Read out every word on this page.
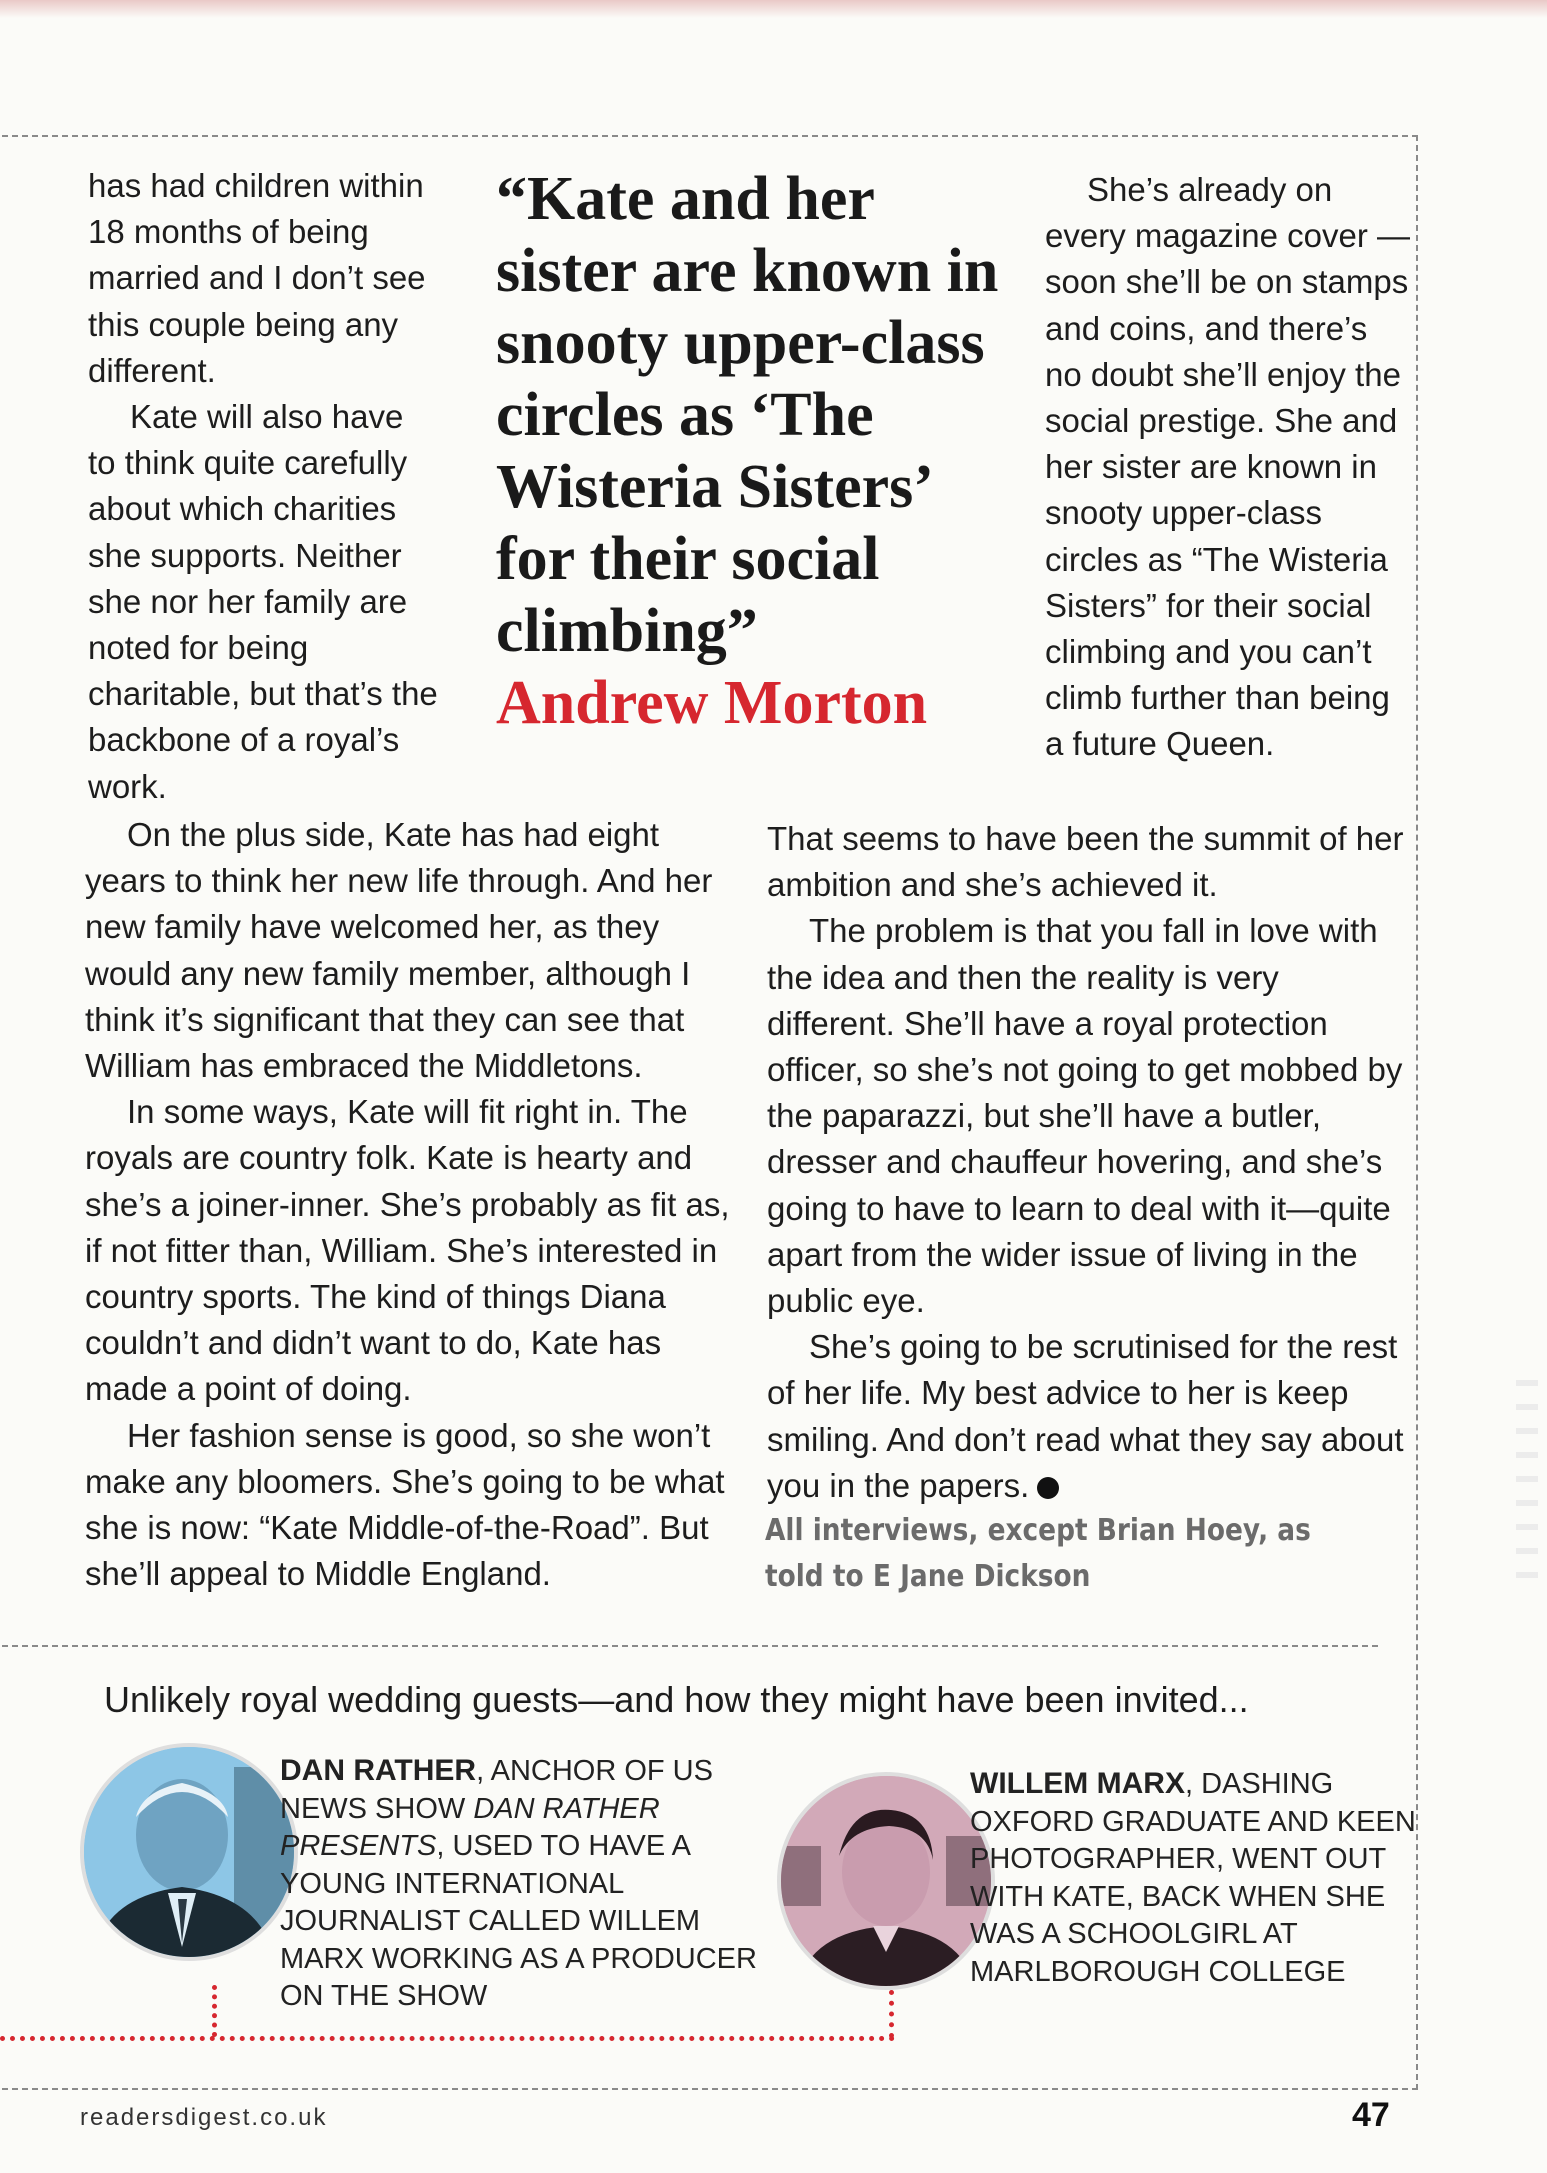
has had children within 18 months of being married and I don’t see this couple being any different.

Kate will also have to think quite carefully about which charities she supports. Neither she nor her family are noted for being charitable, but that’s the backbone of a royal’s work.

“Kate and her sister are known in snooty upper-class circles as ‘The Wisteria Sisters’ for their social climbing”
Andrew Morton

She’s already on every magazine cover —soon she’ll be on stamps and coins, and there’s no doubt she’ll enjoy the social prestige. She and her sister are known in snooty upper-class circles as “The Wisteria Sisters” for their social climbing and you can’t climb further than being a future Queen.

On the plus side, Kate has had eight years to think her new life through. And her new family have welcomed her, as they would any new family member, although I think it’s significant that they can see that William has embraced the Middletons.

In some ways, Kate will fit right in. The royals are country folk. Kate is hearty and she’s a joiner-inner. She’s probably as fit as, if not fitter than, William. She’s interested in country sports. The kind of things Diana couldn’t and didn’t want to do, Kate has made a point of doing.

Her fashion sense is good, so she won’t make any bloomers. She’s going to be what she is now: “Kate Middle-of-the-Road”. But she’ll appeal to Middle England.

That seems to have been the summit of her ambition and she’s achieved it.

The problem is that you fall in love with the idea and then the reality is very different. She’ll have a royal protection officer, so she’s not going to get mobbed by the paparazzi, but she’ll have a butler, dresser and chauffeur hovering, and she’s going to have to learn to deal with it—quite apart from the wider issue of living in the public eye.

She’s going to be scrutinised for the rest of her life. My best advice to her is keep smiling. And don’t read what they say about you in the papers.

All interviews, except Brian Hoey, as told to E Jane Dickson
Unlikely royal wedding guests—and how they might have been invited...
DAN RATHER, ANCHOR OF US NEWS SHOW DAN RATHER PRESENTS, USED TO HAVE A YOUNG INTERNATIONAL JOURNALIST CALLED WILLEM MARX WORKING AS A PRODUCER ON THE SHOW
WILLEM MARX, DASHING OXFORD GRADUATE AND KEEN PHOTOGRAPHER, WENT OUT WITH KATE, BACK WHEN SHE WAS A SCHOOLGIRL AT MARLBOROUGH COLLEGE
readersdigest.co.uk	47
